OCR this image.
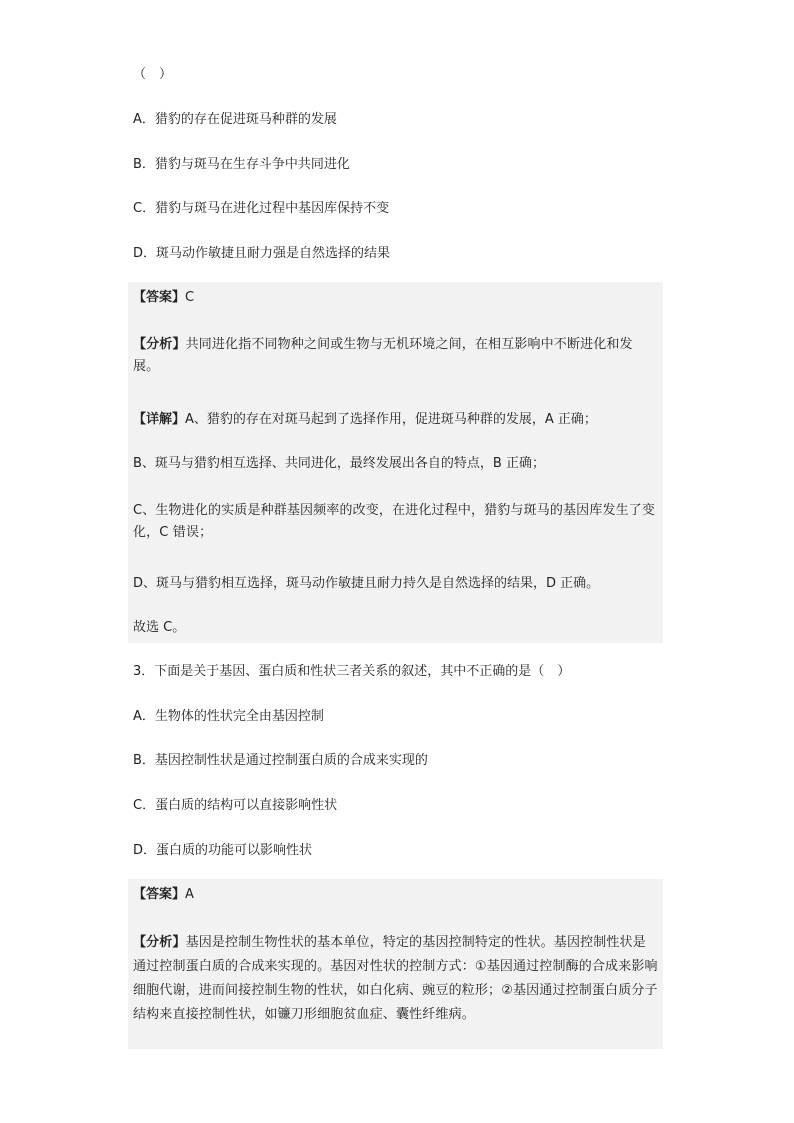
（　）
A．猎豹的存在促进斑马种群的发展
B．猎豹与斑马在生存斗争中共同进化
C．猎豹与斑马在进化过程中基因库保持不变
D．斑马动作敏捷且耐力强是自然选择的结果
【答案】C
【分析】共同进化指不同物种之间或生物与无机环境之间，在相互影响中不断进化和发展。
【详解】A、猎豹的存在对斑马起到了选择作用，促进斑马种群的发展，A 正确；
B、斑马与猎豹相互选择、共同进化，最终发展出各自的特点，B 正确；
C、生物进化的实质是种群基因频率的改变，在进化过程中，猎豹与斑马的基因库发生了变化，C 错误；
D、斑马与猎豹相互选择，斑马动作敏捷且耐力持久是自然选择的结果，D 正确。
故选 C。
3．下面是关于基因、蛋白质和性状三者关系的叙述，其中不正确的是（　）
A．生物体的性状完全由基因控制
B．基因控制性状是通过控制蛋白质的合成来实现的
C．蛋白质的结构可以直接影响性状
D．蛋白质的功能可以影响性状
【答案】A
【分析】基因是控制生物性状的基本单位，特定的基因控制特定的性状。基因控制性状是通过控制蛋白质的合成来实现的。基因对性状的控制方式：①基因通过控制酶的合成来影响细胞代谢，进而间接控制生物的性状，如白化病、豌豆的粒形；②基因通过控制蛋白质分子结构来直接控制性状，如镰刀形细胞贫血症、囊性纤维病。
